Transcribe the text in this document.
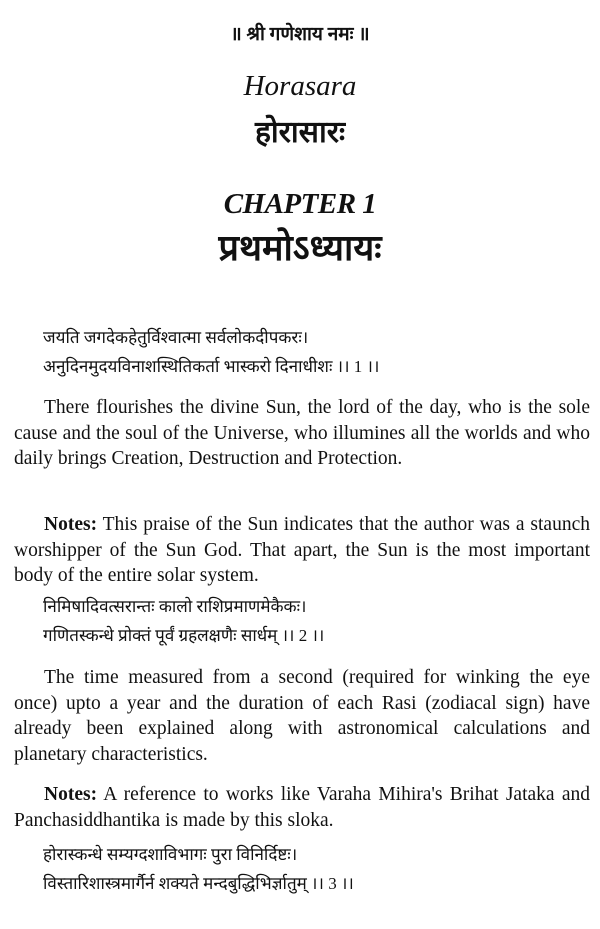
॥ श्री गणेशाय नमः ॥
Horasara
होरासारः
CHAPTER 1
प्रथमोऽध्यायः
जयति जगदेकहेतुर्विश्वात्मा सर्वलोकदीपकरः।
अनुदिनमुदयविनाशस्थितिकर्ता भास्करो दिनाधीशः ।। 1 ।।
There flourishes the divine Sun, the lord of the day, who is the sole cause and the soul of the Universe, who illumines all the worlds and who daily brings Creation, Destruction and Protection.
Notes: This praise of the Sun indicates that the author was a staunch worshipper of the Sun God. That apart, the Sun is the most important body of the entire solar system.
निमिषादिवत्सरान्तः कालो राशिप्रमाणमेकैकः।
गणितस्कन्धे प्रोक्तं पूर्वं ग्रहलक्षणैः सार्धम् ।। 2 ।।
The time measured from a second (required for winking the eye once) upto a year and the duration of each Rasi (zodiacal sign) have already been explained along with astronomical calculations and planetary characteristics.
Notes: A reference to works like Varaha Mihira's Brihat Jataka and Panchasiddhantika is made by this sloka.
होरास्कन्धे सम्यग्दशाविभागः पुरा विनिर्दिष्टः।
विस्तारिशास्त्रमार्गैर्न शक्यते मन्दबुद्धिभिर्ज्ञातुम् ।। 3 ।।
